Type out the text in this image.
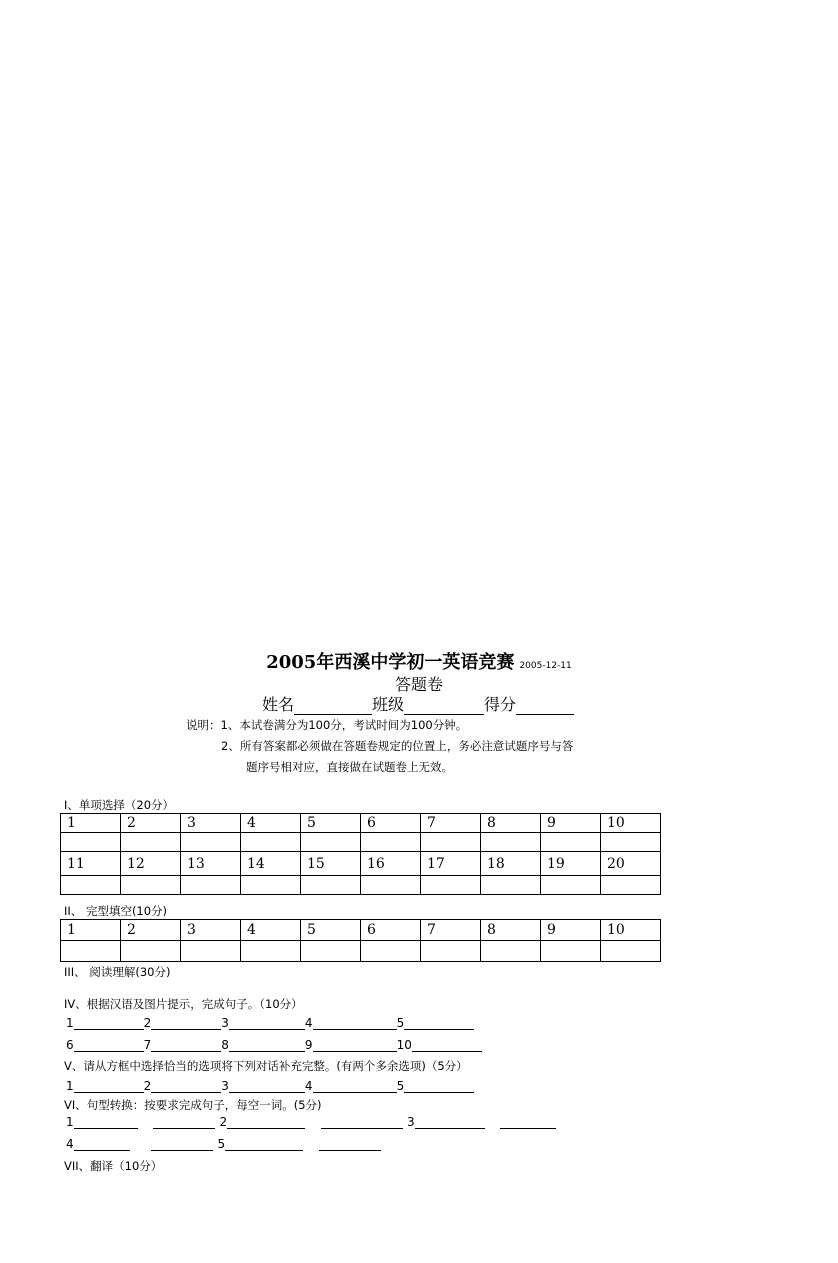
2005年西溪中学初一英语竞赛 2005-12-11
答题卷
姓名	班级	得分
说明：1、本试卷满分为100分，考试时间为100分钟。
2、所有答案都必须做在答题卷规定的位置上，务必注意试题序号与答
题序号相对应，直接做在试题卷上无效。
I、单项选择（20分）
1	2	3	4	5	6	7	8	9	10

11	12	13	14	15	16	17	18	19	20

II、 完型填空(10分)
1	2	3	4	5	6	7	8	9	10

III、 阅读理解(30分)
IV、根据汉语及图片提示，完成句子。（10分）
1	2	3	4	5
6	7	8	9	10
V、请从方框中选择恰当的选项将下列对话补充完整。(有两个多余选项)（5分）
1	2	3	4	5
VI、句型转换：按要求完成句子，每空一词。(5分)
1	2	3
4	5
VII、翻译（10分）
